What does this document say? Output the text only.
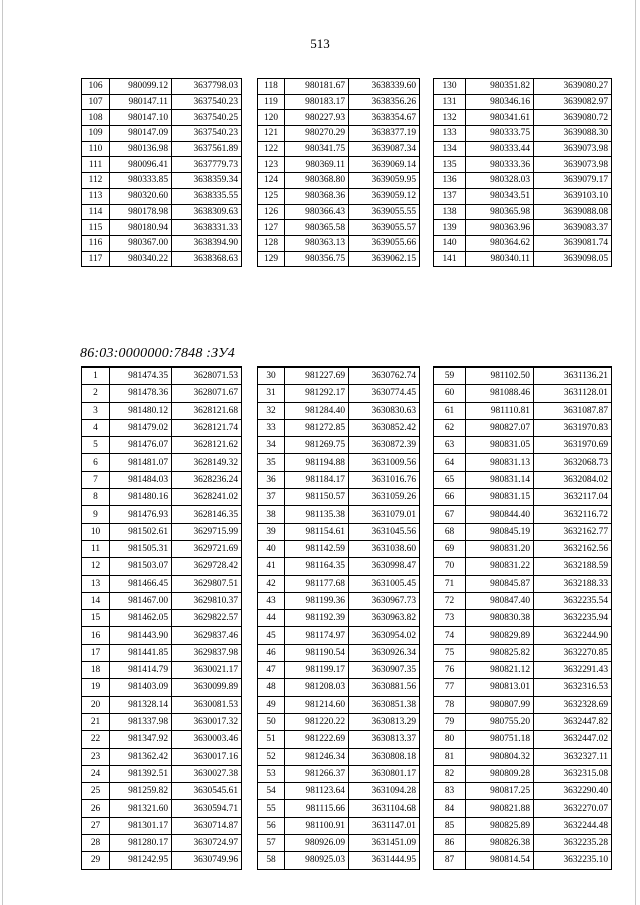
513
106	980099.12	3637798.03
107	980147.11	3637540.23
108	980147.10	3637540.25
109	980147.09	3637540.23
110	980136.98	3637561.89
111	980096.41	3637779.73
112	980333.85	3638359.34
113	980320.60	3638335.55
114	980178.98	3638309.63
115	980180.94	3638331.33
116	980367.00	3638394.90
117	980340.22	3638368.63
118	980181.67	3638339.60
119	980183.17	3638356.26
120	980227.93	3638354.67
121	980270.29	3638377.19
122	980341.75	3639087.34
123	980369.11	3639069.14
124	980368.80	3639059.95
125	980368.36	3639059.12
126	980366.43	3639055.55
127	980365.58	3639055.57
128	980363.13	3639055.66
129	980356.75	3639062.15
130	980351.82	3639080.27
131	980346.16	3639082.97
132	980341.61	3639080.72
133	980333.75	3639088.30
134	980333.44	3639073.98
135	980333.36	3639073.98
136	980328.03	3639079.17
137	980343.51	3639103.10
138	980365.98	3639088.08
139	980363.96	3639083.37
140	980364.62	3639081.74
141	980340.11	3639098.05
86:03:0000000:7848 :ЗУ4
1	981474.35	3628071.53
2	981478.36	3628071.67
3	981480.12	3628121.68
4	981479.02	3628121.74
5	981476.07	3628121.62
6	981481.07	3628149.32
7	981484.03	3628236.24
8	981480.16	3628241.02
9	981476.93	3628146.35
10	981502.61	3629715.99
11	981505.31	3629721.69
12	981503.07	3629728.42
13	981466.45	3629807.51
14	981467.00	3629810.37
15	981462.05	3629822.57
16	981443.90	3629837.46
17	981441.85	3629837.98
18	981414.79	3630021.17
19	981403.09	3630099.89
20	981328.14	3630081.53
21	981337.98	3630017.32
22	981347.92	3630003.46
23	981362.42	3630017.16
24	981392.51	3630027.38
25	981259.82	3630545.61
26	981321.60	3630594.71
27	981301.17	3630714.87
28	981280.17	3630724.97
29	981242.95	3630749.96
30	981227.69	3630762.74
31	981292.17	3630774.45
32	981284.40	3630830.63
33	981272.85	3630852.42
34	981269.75	3630872.39
35	981194.88	3631009.56
36	981184.17	3631016.76
37	981150.57	3631059.26
38	981135.38	3631079.01
39	981154.61	3631045.56
40	981142.59	3631038.60
41	981164.35	3630998.47
42	981177.68	3631005.45
43	981199.36	3630967.73
44	981192.39	3630963.82
45	981174.97	3630954.02
46	981190.54	3630926.34
47	981199.17	3630907.35
48	981208.03	3630881.56
49	981214.60	3630851.38
50	981220.22	3630813.29
51	981222.69	3630813.37
52	981246.34	3630808.18
53	981266.37	3630801.17
54	981123.64	3631094.28
55	981115.66	3631104.68
56	981100.91	3631147.01
57	980926.09	3631451.09
58	980925.03	3631444.95
59	981102.50	3631136.21
60	981088.46	3631128.01
61	981110.81	3631087.87
62	980827.07	3631970.83
63	980831.05	3631970.69
64	980831.13	3632068.73
65	980831.14	3632084.02
66	980831.15	3632117.04
67	980844.40	3632116.72
68	980845.19	3632162.77
69	980831.20	3632162.56
70	980831.22	3632188.59
71	980845.87	3632188.33
72	980847.40	3632235.54
73	980830.38	3632235.94
74	980829.89	3632244.90
75	980825.82	3632270.85
76	980821.12	3632291.43
77	980813.01	3632316.53
78	980807.99	3632328.69
79	980755.20	3632447.82
80	980751.18	3632447.02
81	980804.32	3632327.11
82	980809.28	3632315.08
83	980817.25	3632290.40
84	980821.88	3632270.07
85	980825.89	3632244.48
86	980826.38	3632235.28
87	980814.54	3632235.10
